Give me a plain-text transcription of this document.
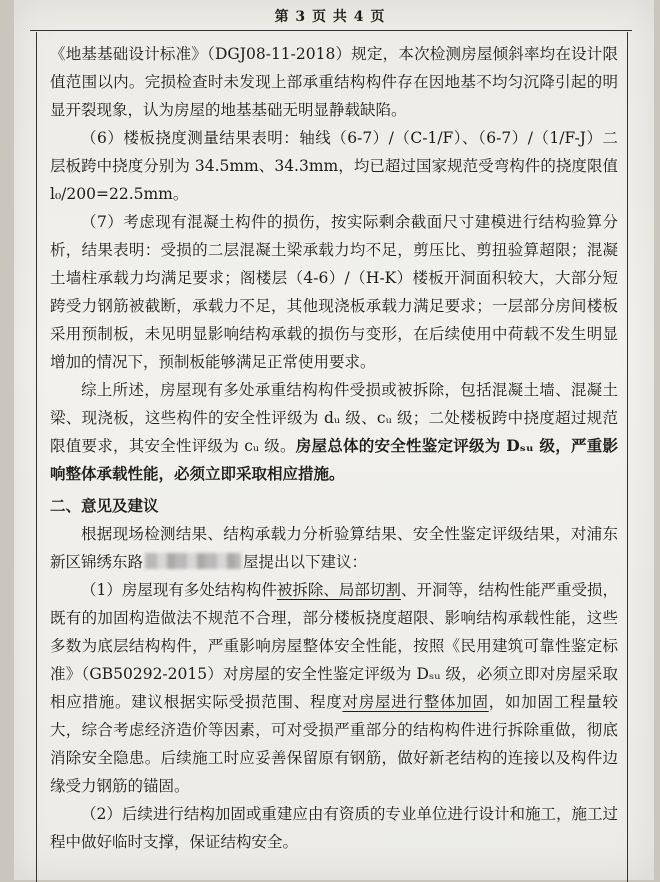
第 3 页 共 4 页

《地基基础设计标准》（DGJ08-11-2018）规定，本次检测房屋倾斜率均在设计限值范围以内。完损检查时未发现上部承重结构构件存在因地基不均匀沉降引起的明显开裂现象，认为房屋的地基基础无明显静载缺陷。

（6）楼板挠度测量结果表明：轴线（6-7）/（C-1/F）、（6-7）/（1/F-J）二层板跨中挠度分别为 34.5mm、34.3mm，均已超过国家规范受弯构件的挠度限值 l₀/200=22.5mm。

（7）考虑现有混凝土构件的损伤，按实际剩余截面尺寸建模进行结构验算分析，结果表明：受损的二层混凝土梁承载力均不足，剪压比、剪扭验算超限；混凝土墙柱承载力均满足要求；阁楼层（4-6）/（H-K）楼板开洞面积较大，大部分短跨受力钢筋被截断，承载力不足，其他现浇板承载力满足要求；一层部分房间楼板采用预制板，未见明显影响结构承载的损伤与变形，在后续使用中荷载不发生明显增加的情况下，预制板能够满足正常使用要求。

综上所述，房屋现有多处承重结构构件受损或被拆除，包括混凝土墙、混凝土梁、现浇板，这些构件的安全性评级为 dᵤ 级、cᵤ 级；二处楼板跨中挠度超过规范限值要求，其安全性评级为 cᵤ 级。房屋总体的安全性鉴定评级为 Dₛᵤ 级，严重影响整体承载性能，必须立即采取相应措施。

二、意见及建议

根据现场检测结果、结构承载力分析验算结果、安全性鉴定评级结果，对浦东新区锦绣东路	屋提出以下建议：

（1）房屋现有多处结构构件被拆除、局部切割、开洞等，结构性能严重受损，既有的加固构造做法不规范不合理，部分楼板挠度超限、影响结构承载性能，这些多数为底层结构构件，严重影响房屋整体安全性能，按照《民用建筑可靠性鉴定标准》（GB50292-2015）对房屋的安全性鉴定评级为 Dₛᵤ 级，必须立即对房屋采取相应措施。建议根据实际受损范围、程度对房屋进行整体加固，如加固工程量较大，综合考虑经济造价等因素，可对受损严重部分的结构构件进行拆除重做，彻底消除安全隐患。后续施工时应妥善保留原有钢筋，做好新老结构的连接以及构件边缘受力钢筋的锚固。

（2）后续进行结构加固或重建应由有资质的专业单位进行设计和施工，施工过程中做好临时支撑，保证结构安全。
